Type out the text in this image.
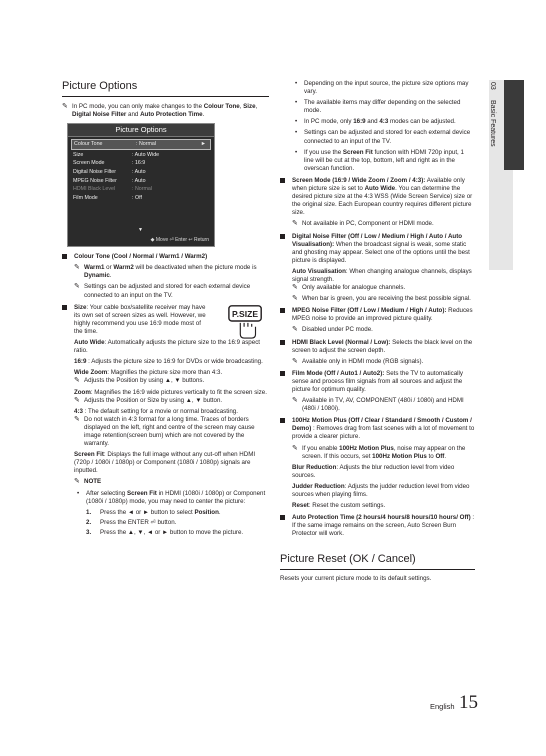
03
Basic Features
Picture Options
✎ In PC mode, you can only make changes to the Colour Tone, Size, Digital Noise Filter and Auto Protection Time.
Picture Options
Colour Tone	: Normal	►
Size	: Auto Wide
Screen Mode	: 16:9
Digital Noise Filter	: Auto
MPEG Noise Filter	: Auto
HDMI Black Level	: Normal
Film Mode	: Off
▼
◆ Move ⏎ Enter ↩ Return
Colour Tone (Cool / Normal / Warm1 / Warm2)
✎ Warm1 or Warm2 will be deactivated when the picture mode is Dynamic.
✎ Settings can be adjusted and stored for each external device connected to an input on the TV.
Size: Your cable box/satellite receiver may have its own set of screen sizes as well. However, we highly recommend you use 16:9 mode most of the time.
P.SIZE

Auto Wide: Automatically adjusts the picture size to the 16:9 aspect ratio.

16:9 : Adjusts the picture size to 16:9 for DVDs or wide broadcasting.

Wide Zoom: Magnifies the picture size more than 4:3.

✎ Adjusts the Position by using ▲, ▼ buttons.

Zoom: Magnifies the 16:9 wide pictures vertically to fit the screen size.

✎ Adjusts the Position or Size by using ▲, ▼ button.

4:3 : The default setting for a movie or normal broadcasting.

✎ Do not watch in 4:3 format for a long time. Traces of borders displayed on the left, right and centre of the screen may cause image retention(screen burn) which are not covered by the warranty.

Screen Fit: Displays the full image without any cut-off when HDMI (720p / 1080i / 1080p) or Component (1080i / 1080p) signals are inputted.

✎ NOTE
• After selecting Screen Fit in HDMI (1080i / 1080p) or Component (1080i / 1080p) mode, you may need to center the picture:
1. Press the ◄ or ► button to select Position.
2. Press the ENTER ⏎ button.
3. Press the ▲, ▼, ◄ or ► button to move the picture.
• Depending on the input source, the picture size options may vary.
• The available items may differ depending on the selected mode.
• In PC mode, only 16:9 and 4:3 modes can be adjusted.
• Settings can be adjusted and stored for each external device connected to an input of the TV.
• If you use the Screen Fit function with HDMI 720p input, 1 line will be cut at the top, bottom, left and right as in the overscan function.
Screen Mode (16:9 / Wide Zoom / Zoom / 4:3): Available only when picture size is set to Auto Wide. You can determine the desired picture size at the 4:3 WSS (Wide Screen Service) size or the original size. Each European country requires different picture size.
✎ Not available in PC, Component or HDMI mode.
Digital Noise Filter (Off / Low / Medium / High / Auto / Auto Visualisation): When the broadcast signal is weak, some static and ghosting may appear. Select one of the options until the best picture is displayed.

Auto Visualisation: When changing analogue channels, displays signal strength.

✎ Only available for analogue channels.
✎ When bar is green, you are receiving the best possible signal.
MPEG Noise Filter (Off / Low / Medium / High / Auto): Reduces MPEG noise to provide an improved picture quality.
✎ Disabled under PC mode.
HDMI Black Level (Normal / Low): Selects the black level on the screen to adjust the screen depth.
✎ Available only in HDMI mode (RGB signals).
Film Mode (Off / Auto1 / Auto2): Sets the TV to automatically sense and process film signals from all sources and adjust the picture for optimum quality.
✎ Available in TV, AV, COMPONENT (480i / 1080i) and HDMI (480i / 1080i).
100Hz Motion Plus (Off / Clear / Standard / Smooth / Custom / Demo) : Removes drag from fast scenes with a lot of movement to provide a clearer picture.
✎ If you enable 100Hz Motion Plus, noise may appear on the screen. If this occurs, set 100Hz Motion Plus to Off.

Blur Reduction: Adjusts the blur reduction level from video sources.

Judder Reduction: Adjusts the judder reduction level from video sources when playing films.

Reset: Reset the custom settings.

Auto Protection Time (2 hours/4 hours/8 hours/10 hours/ Off) : If the same image remains on the screen, Auto Screen Burn Protector will work.
Picture Reset (OK / Cancel)

Resets your current picture mode to its default settings.

English 15
